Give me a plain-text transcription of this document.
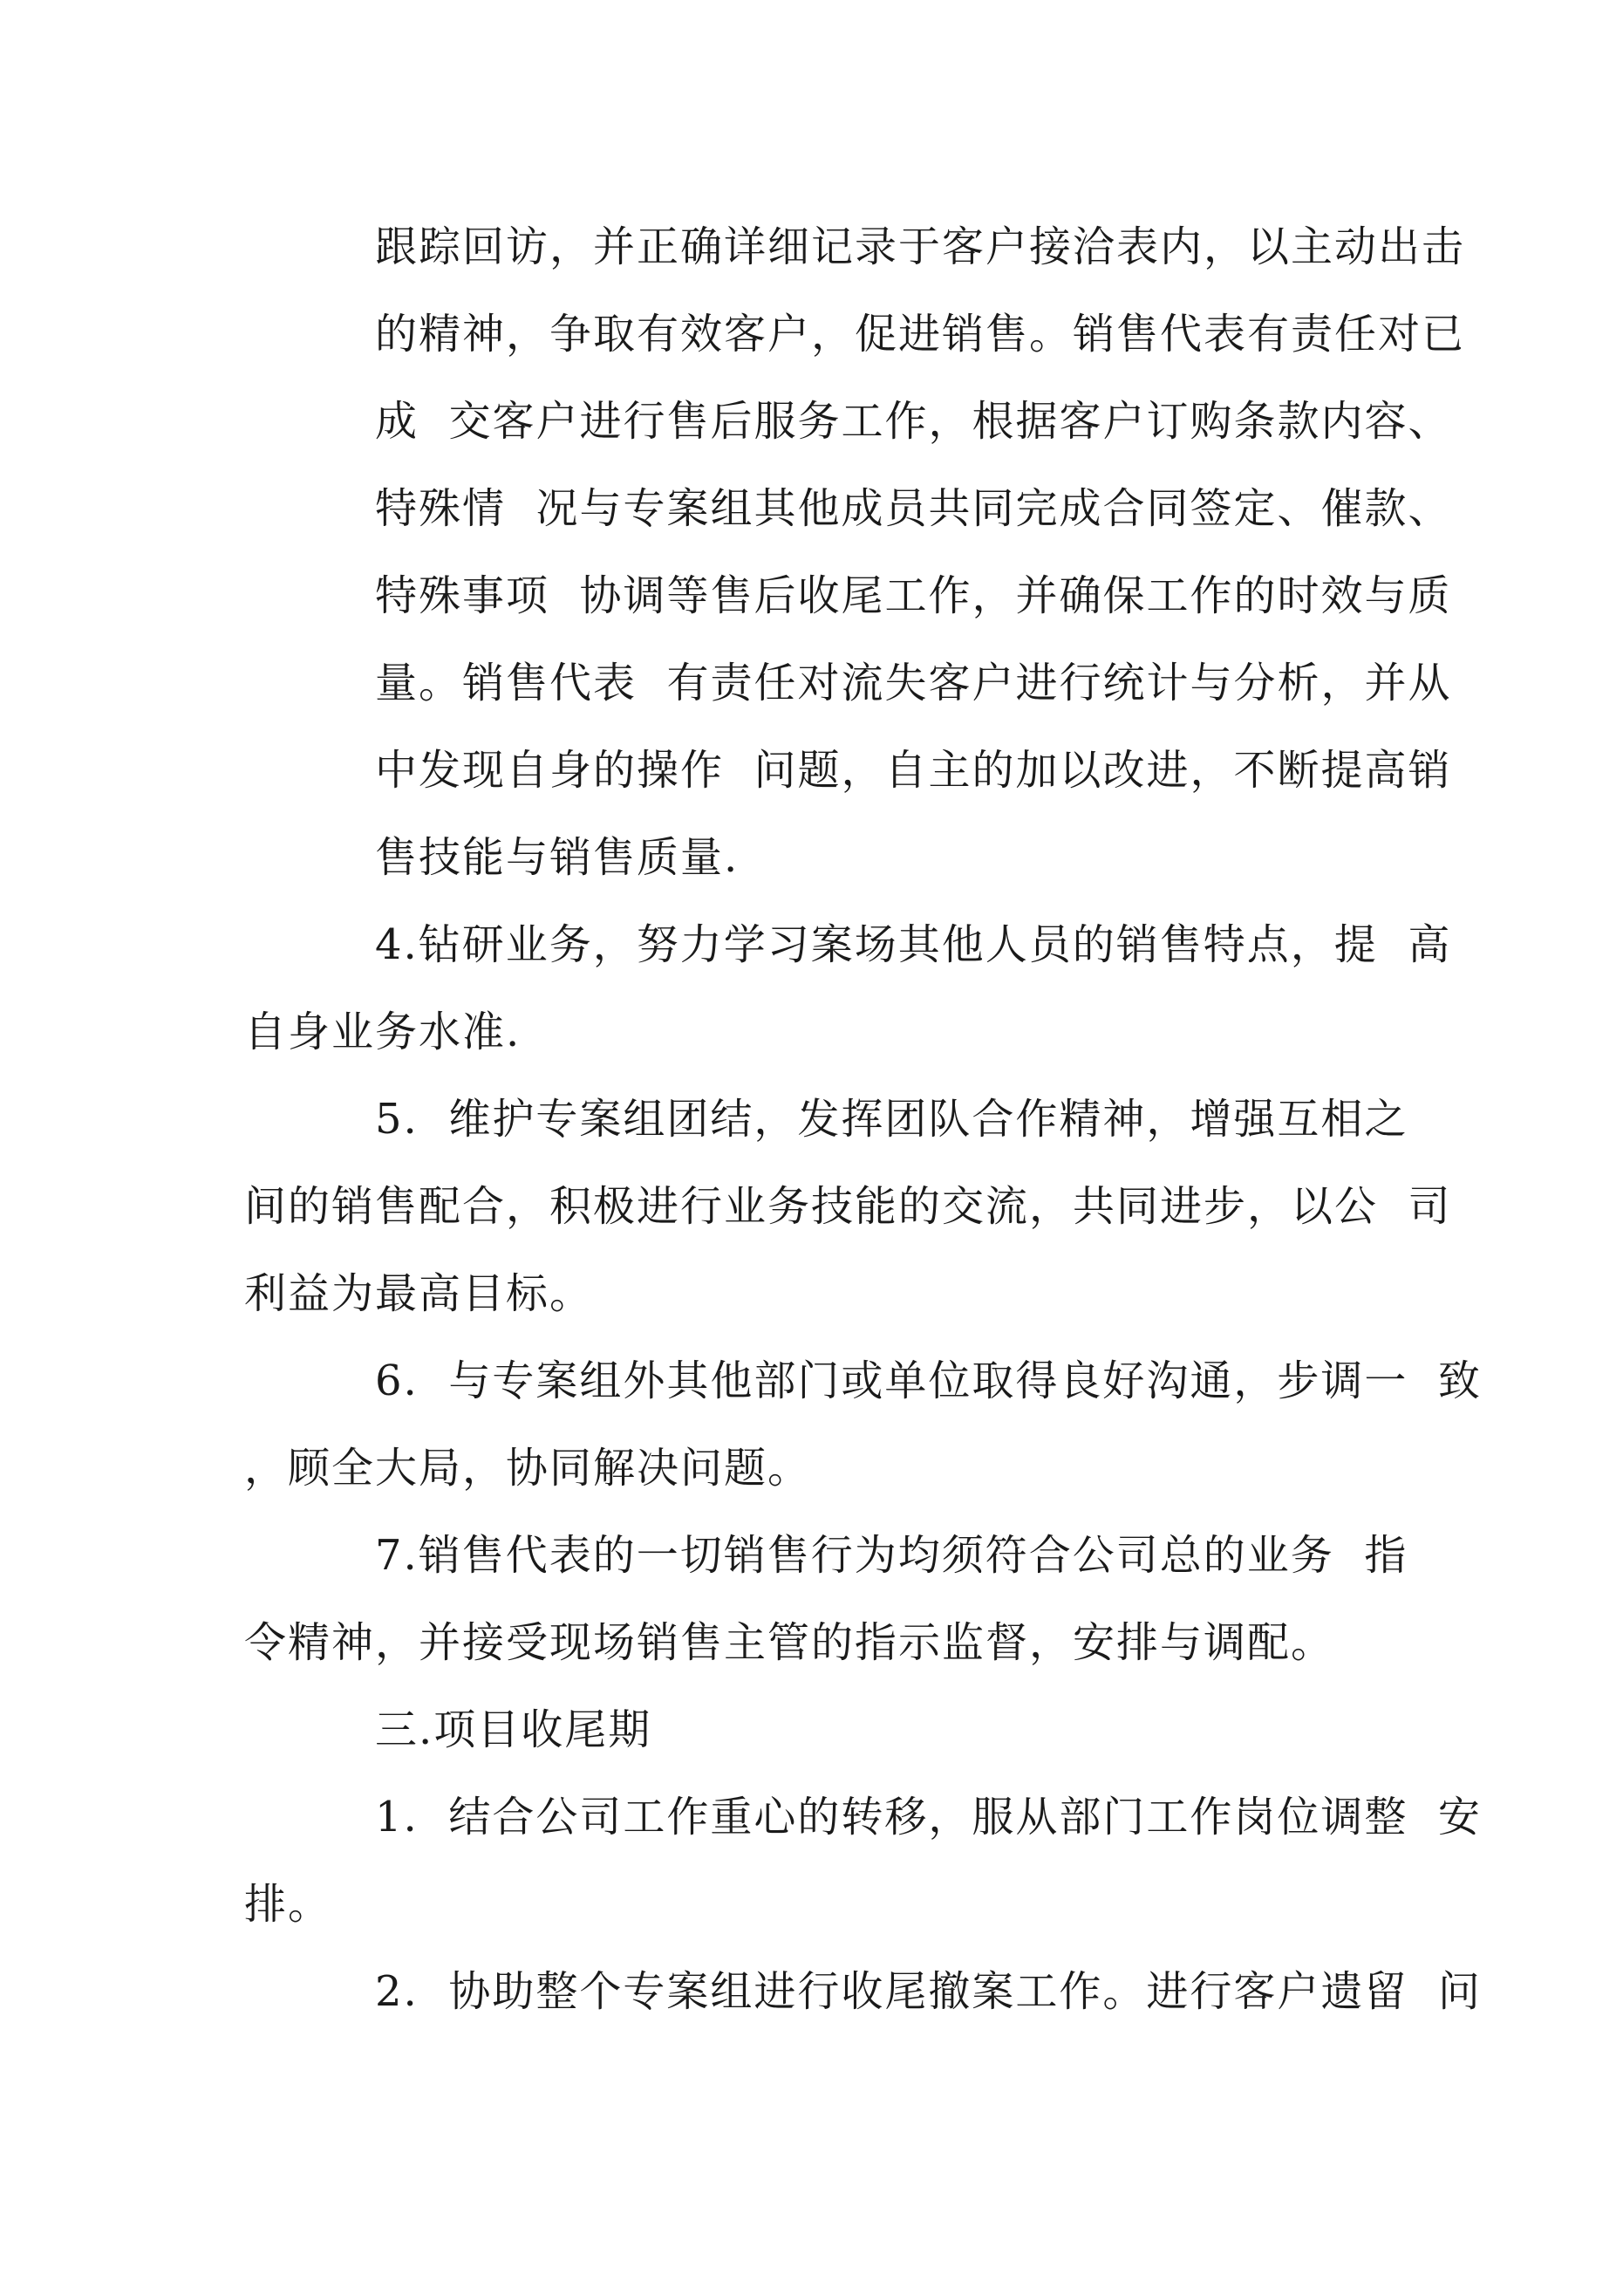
跟踪回访，并正确详细记录于客户接洽表内，以主动出击

的精神，争取有效客户，促进销售。销售代表有责任对已

成  交客户进行售后服务工作，根据客户订购条款内容、

特殊情  况与专案组其他成员共同完成合同签定、催款、

特殊事项  协调等售后收尾工作，并确保工作的时效与质

量。销售代表  有责任对流失客户进行统计与分析，并从

中发现自身的操作  问题，自主的加以改进，不断提高销

售技能与销售质量.

4.钻研业务，努力学习案场其他人员的销售特点，提  高

自身业务水准.

5.  维护专案组团结，发挥团队合作精神，增强互相之

间的销售配合，积极进行业务技能的交流，共同进步，以公  司

利益为最高目标。

6.  与专案组外其他部门或单位取得良好沟通，步调一  致

，顾全大局，协同解决问题。

7.销售代表的一切销售行为均须符合公司总的业务  指

令精神，并接受现场销售主管的指示监督，安排与调配。

三.项目收尾期

1.  结合公司工作重心的转移，服从部门工作岗位调整  安

排。

2.  协助整个专案组进行收尾撤案工作。进行客户遗留  问
